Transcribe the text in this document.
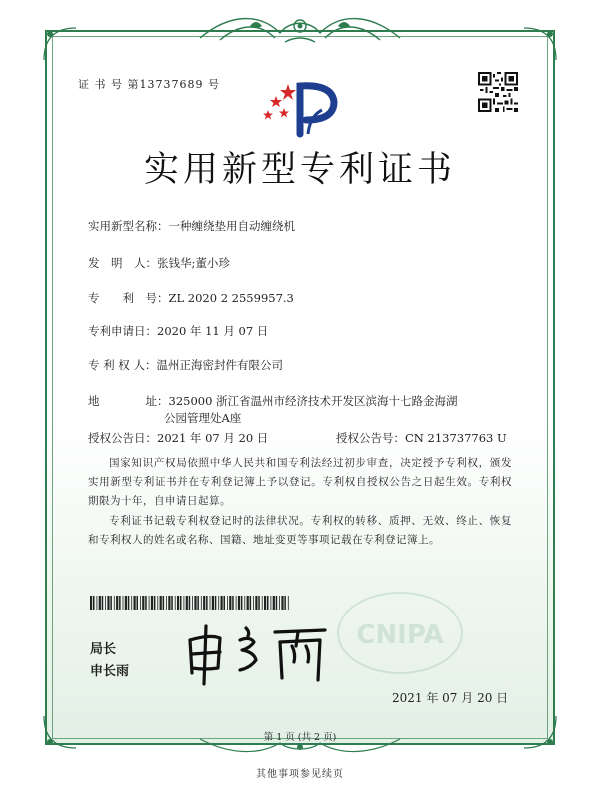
证 书 号 第13737689 号
实用新型专利证书
实用新型名称：一种缠绕垫用自动缠绕机
发　明　人：张钱华;董小珍
专　　利　号：ZL 2020 2 2559957.3
专利申请日：2020 年 11 月 07 日
专 利 权 人：温州正海密封件有限公司
地　　　　址：325000 浙江省温州市经济技术开发区滨海十七路金海湖
公园管理处A座
授权公告日：2021 年 07 月 20 日	授权公告号：CN 213737763 U
国家知识产权局依照中华人民共和国专利法经过初步审查，决定授予专利权，颁发实用新型专利证书并在专利登记簿上予以登记。专利权自授权公告之日起生效。专利权期限为十年，自申请日起算。
专利证书记载专利权登记时的法律状况。专利权的转移、质押、无效、终止、恢复和专利权人的姓名或名称、国籍、地址变更等事项记载在专利登记簿上。
CNIPA
局长
申长雨
2021 年 07 月 20 日
第 1 页 (共 2 页)
其他事项参见续页
